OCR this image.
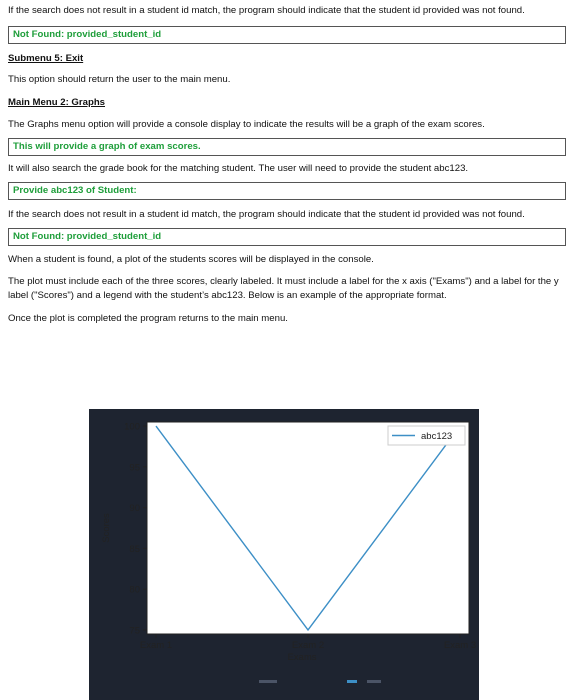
If the search does not result in a student id match, the program should indicate that the student id provided was not found.

Not Found: provided_student_id

Submenu 5: Exit

This option should return the user to the main menu.

Main Menu 2: Graphs

The Graphs menu option will provide a console display to indicate the results will be a graph of the exam scores.

This will provide a graph of exam scores.

It will also search the grade book for the matching student. The user will need to provide the student abc123.

Provide abc123 of Student:

If the search does not result in a student id match, the program should indicate that the student id provided was not found.

Not Found: provided_student_id

When a student is found, a plot of the students scores will be displayed in the console.

The plot must include each of the three scores, clearly labeled. It must include a label for the x axis ("Exams") and a label for the y label ("Scores") and a legend with the student’s abc123. Below is an example of the appropriate format.

Once the plot is completed the program returns to the main menu.

75
80
85
90
95
100
Exam 1	Exam 2	Exam 3
Exams
Scores
abc123
